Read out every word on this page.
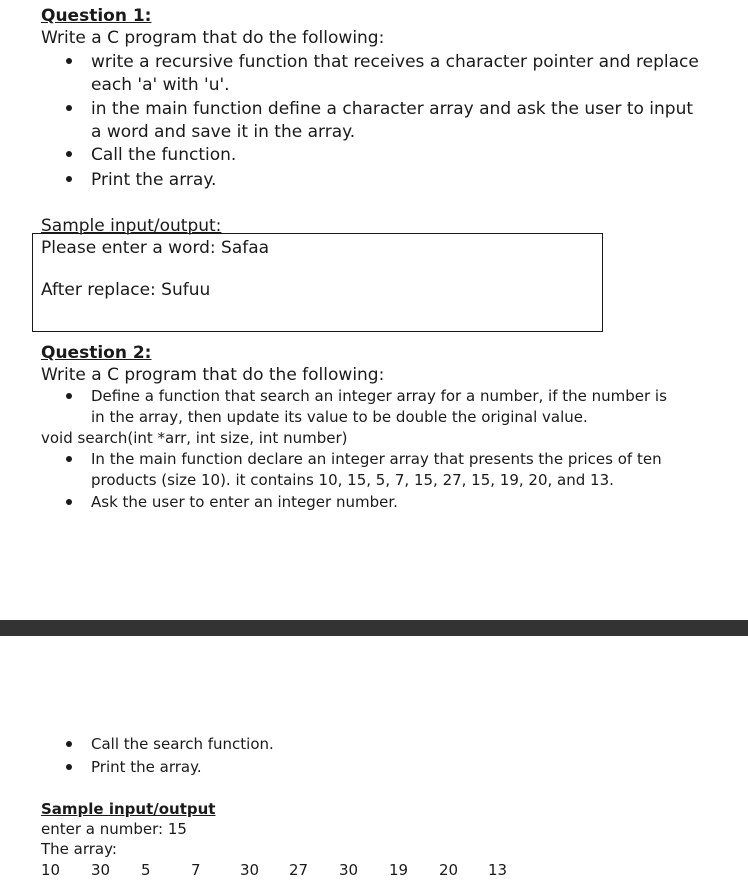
Question 1:
Write a C program that do the following:
write a recursive function that receives a character pointer and replace
each 'a' with 'u'.
in the main function define a character array and ask the user to input
a word and save it in the array.
Call the function.
Print the array.
Sample input/output:
Please enter a word: Safaa
After replace: Sufuu
Question 2:
Write a C program that do the following:
Define a function that search an integer array for a number, if the number is
in the array, then update its value to be double the original value.
void search(int *arr, int size, int number)
In the main function declare an integer array that presents the prices of ten
products (size 10). it contains 10, 15, 5, 7, 15, 27, 15, 19, 20, and 13.
Ask the user to enter an integer number.
Call the search function.
Print the array.
Sample input/output
enter a number: 15
The array:
10 30 5	7	30 27 30 19 20 13
